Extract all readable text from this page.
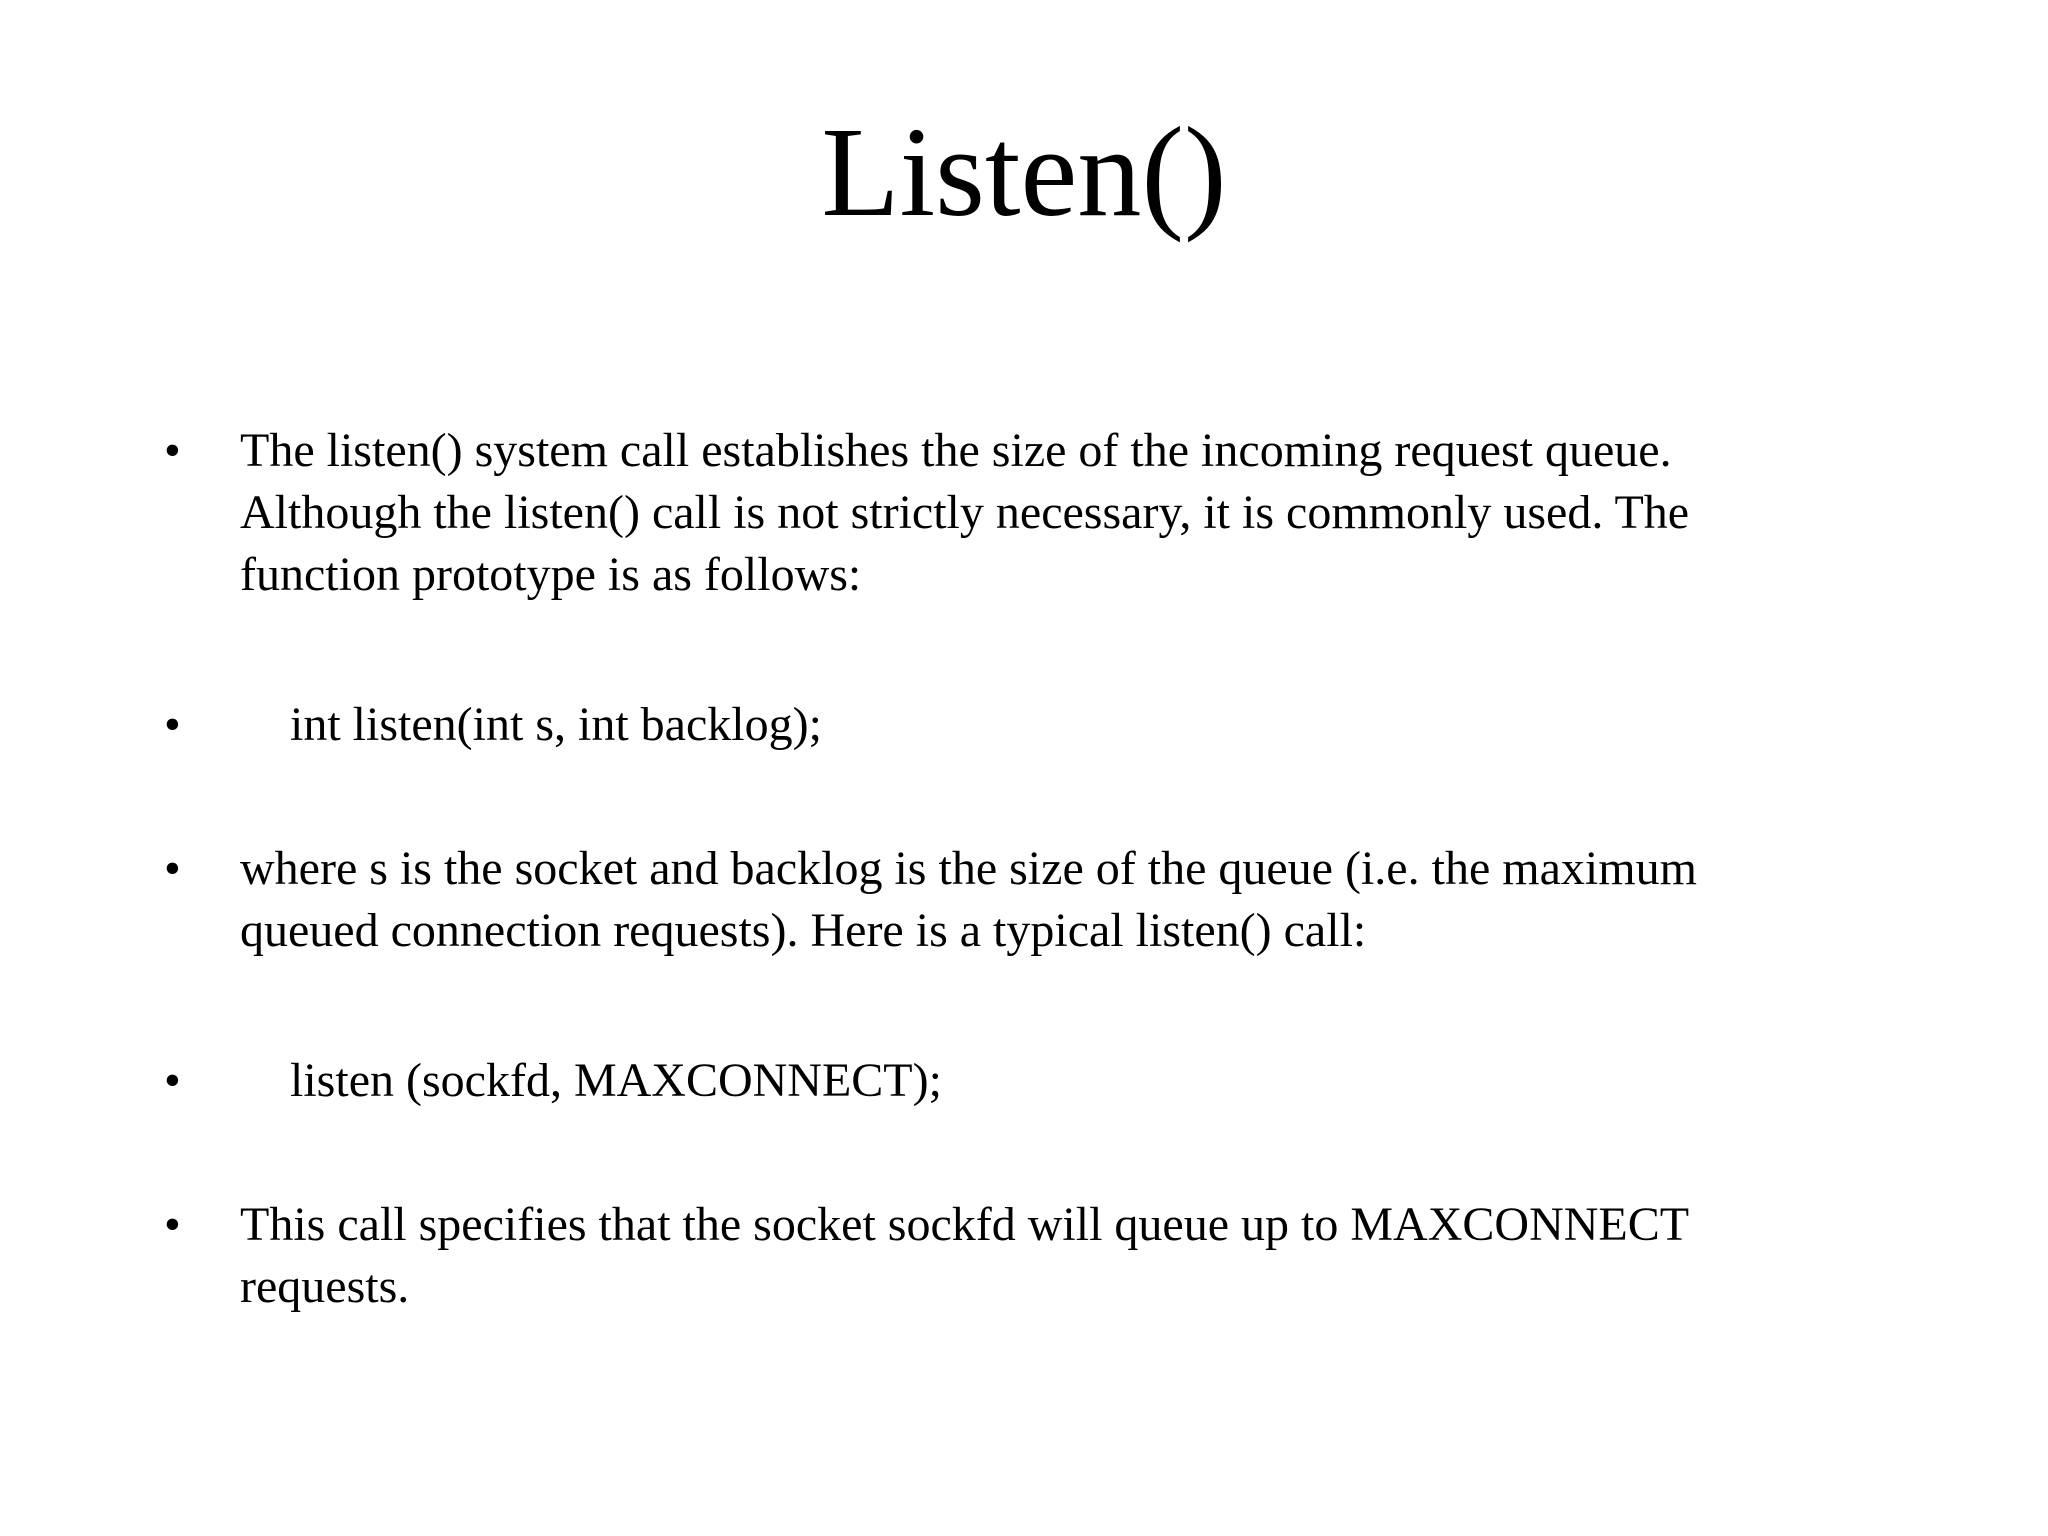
Listen()
•	The listen() system call establishes the size of the incoming request queue.
Although the listen() call is not strictly necessary, it is commonly used. The
function prototype is as follows:
•	int listen(int s, int backlog);
•	where s is the socket and backlog is the size of the queue (i.e. the maximum
queued connection requests). Here is a typical listen() call:
•	listen (sockfd, MAXCONNECT);
•	This call specifies that the socket sockfd will queue up to MAXCONNECT
requests.
